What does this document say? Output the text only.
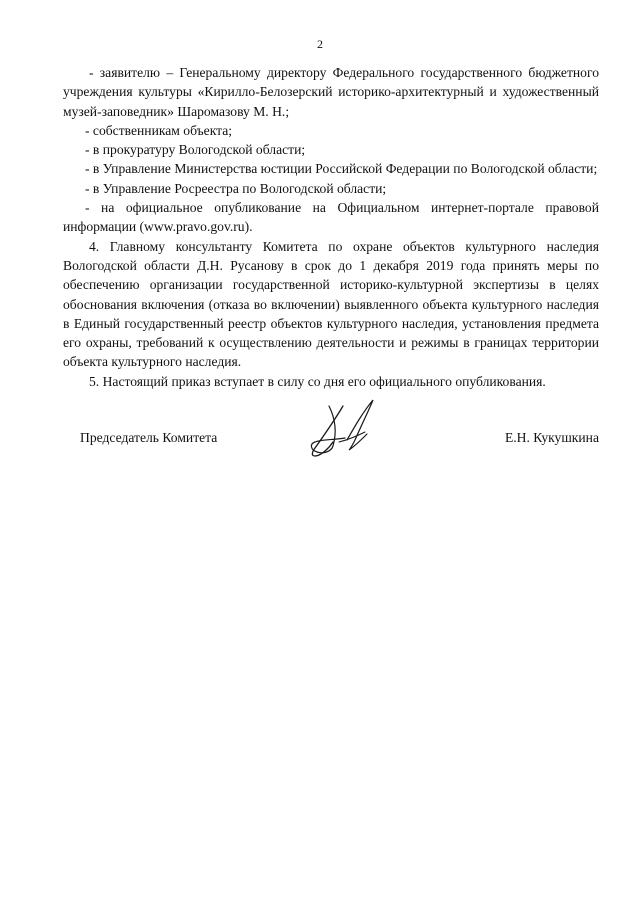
2

- заявителю – Генеральному директору Федерального государственного бюджетного учреждения культуры «Кирилло-Белозерский историко-архитектурный и художественный музей-заповедник» Шаромазову М. Н.;

- собственникам объекта;

- в прокуратуру Вологодской области;

- в Управление Министерства юстиции Российской Федерации по Вологодской области;

- в Управление Росреестра по Вологодской области;

- на официальное опубликование на Официальном интернет-портале правовой информации (www.pravo.gov.ru).

4. Главному консультанту Комитета по охране объектов культурного наследия Вологодской области Д.Н. Русанову в срок до 1 декабря 2019 года принять меры по обеспечению организации государственной историко-культурной экспертизы в целях обоснования включения (отказа во включении) выявленного объекта культурного наследия в Единый государственный реестр объектов культурного наследия, установления предмета его охраны, требований к осуществлению деятельности и режимы в границах территории объекта культурного наследия.

5. Настоящий приказ вступает в силу со дня его официального опубликования.

Председатель Комитета	Е.Н. Кукушкина
